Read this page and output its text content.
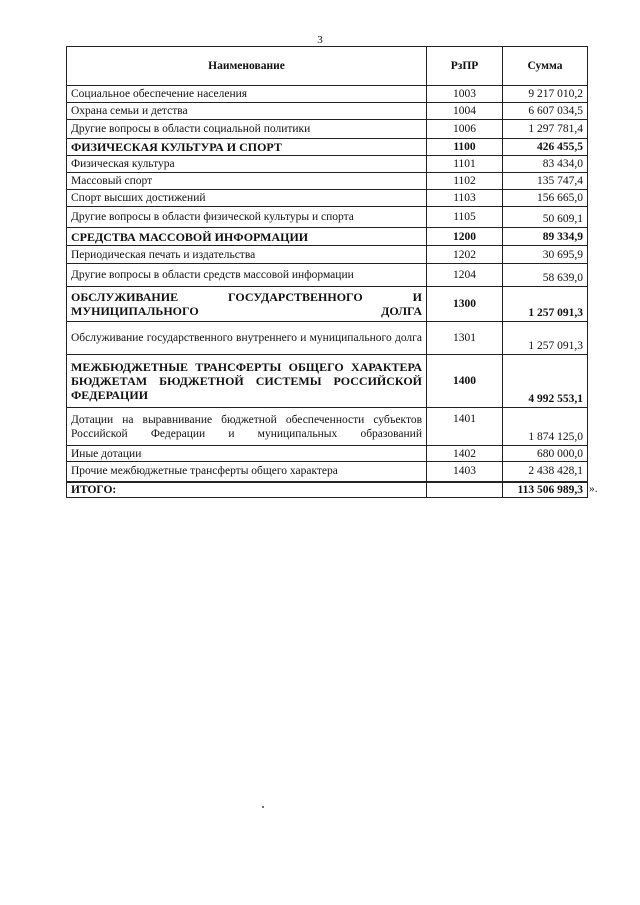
3
Наименование	РзПР	Сумма
Социальное обеспечение населения	1003	9 217 010,2
Охрана семьи и детства	1004	6 607 034,5
Другие вопросы в области социальной политики	1006	1 297 781,4
ФИЗИЧЕСКАЯ КУЛЬТУРА И СПОРТ	1100	426 455,5
Физическая культура	1101	83 434,0
Массовый спорт	1102	135 747,4
Спорт высших достижений	1103	156 665,0
Другие вопросы в области физической культуры и спорта	1105	50 609,1
СРЕДСТВА МАССОВОЙ ИНФОРМАЦИИ	1200	89 334,9
Периодическая печать и издательства	1202	30 695,9
Другие вопросы в области средств массовой информации	1204	58 639,0
ОБСЛУЖИВАНИЕ ГОСУДАРСТВЕННОГО И МУНИЦИПАЛЬНОГО ДОЛГА	1300	1 257 091,3
Обслуживание государственного внутреннего и муниципального долга	1301	1 257 091,3
МЕЖБЮДЖЕТНЫЕ ТРАНСФЕРТЫ ОБЩЕГО ХАРАКТЕРА БЮДЖЕТАМ БЮДЖЕТНОЙ СИСТЕМЫ РОССИЙСКОЙ ФЕДЕРАЦИИ	1400	4 992 553,1
Дотации на выравнивание бюджетной обеспеченности субъектов Российской Федерации и муниципальных образований	1401	1 874 125,0
Иные дотации	1402	680 000,0
Прочие межбюджетные трансферты общего характера	1403	2 438 428,1
ИТОГО:		113 506 989,3 ».
